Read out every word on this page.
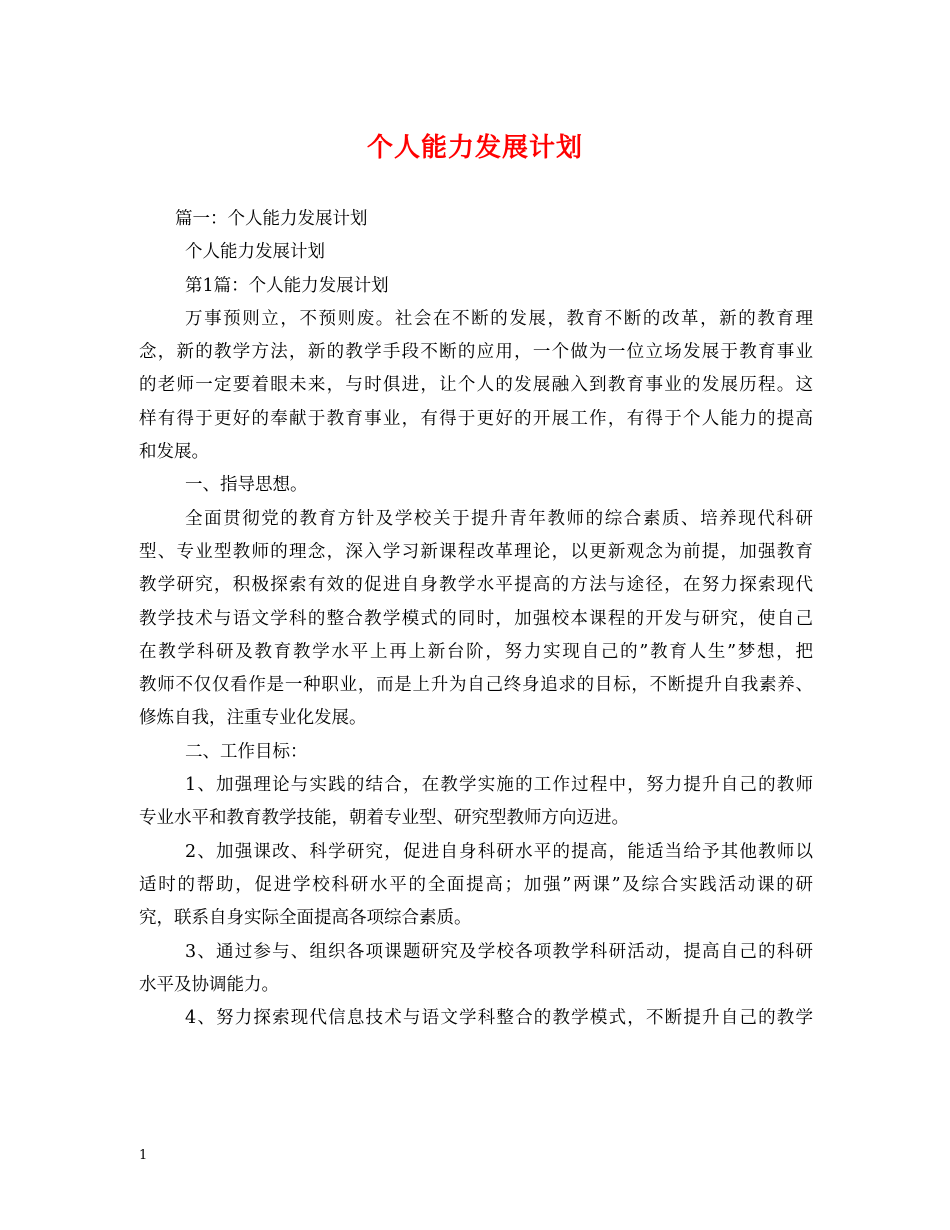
个人能力发展计划
篇一：个人能力发展计划
个人能力发展计划
第1篇：个人能力发展计划
万事预则立，不预则废。社会在不断的发展，教育不断的改革，新的教育理
念，新的教学方法，新的教学手段不断的应用，一个做为一位立场发展于教育事业
的老师一定要着眼未来，与时俱进，让个人的发展融入到教育事业的发展历程。这
样有得于更好的奉献于教育事业，有得于更好的开展工作，有得于个人能力的提高
和发展。
一、指导思想。
全面贯彻党的教育方针及学校关于提升青年教师的综合素质、培养现代科研
型、专业型教师的理念，深入学习新课程改革理论，以更新观念为前提，加强教育
教学研究，积极探索有效的促进自身教学水平提高的方法与途径，在努力探索现代
教学技术与语文学科的整合教学模式的同时，加强校本课程的开发与研究，使自己
在教学科研及教育教学水平上再上新台阶，努力实现自己的”教育人生”梦想，把
教师不仅仅看作是一种职业，而是上升为自己终身追求的目标，不断提升自我素养、
修炼自我，注重专业化发展。
二、工作目标：
1、加强理论与实践的结合，在教学实施的工作过程中，努力提升自己的教师
专业水平和教育教学技能，朝着专业型、研究型教师方向迈进。
2、加强课改、科学研究，促进自身科研水平的提高，能适当给予其他教师以
适时的帮助，促进学校科研水平的全面提高；加强”两课”及综合实践活动课的研
究，联系自身实际全面提高各项综合素质。
3、通过参与、组织各项课题研究及学校各项教学科研活动，提高自己的科研
水平及协调能力。
4、努力探索现代信息技术与语文学科整合的教学模式，不断提升自己的教学
1
